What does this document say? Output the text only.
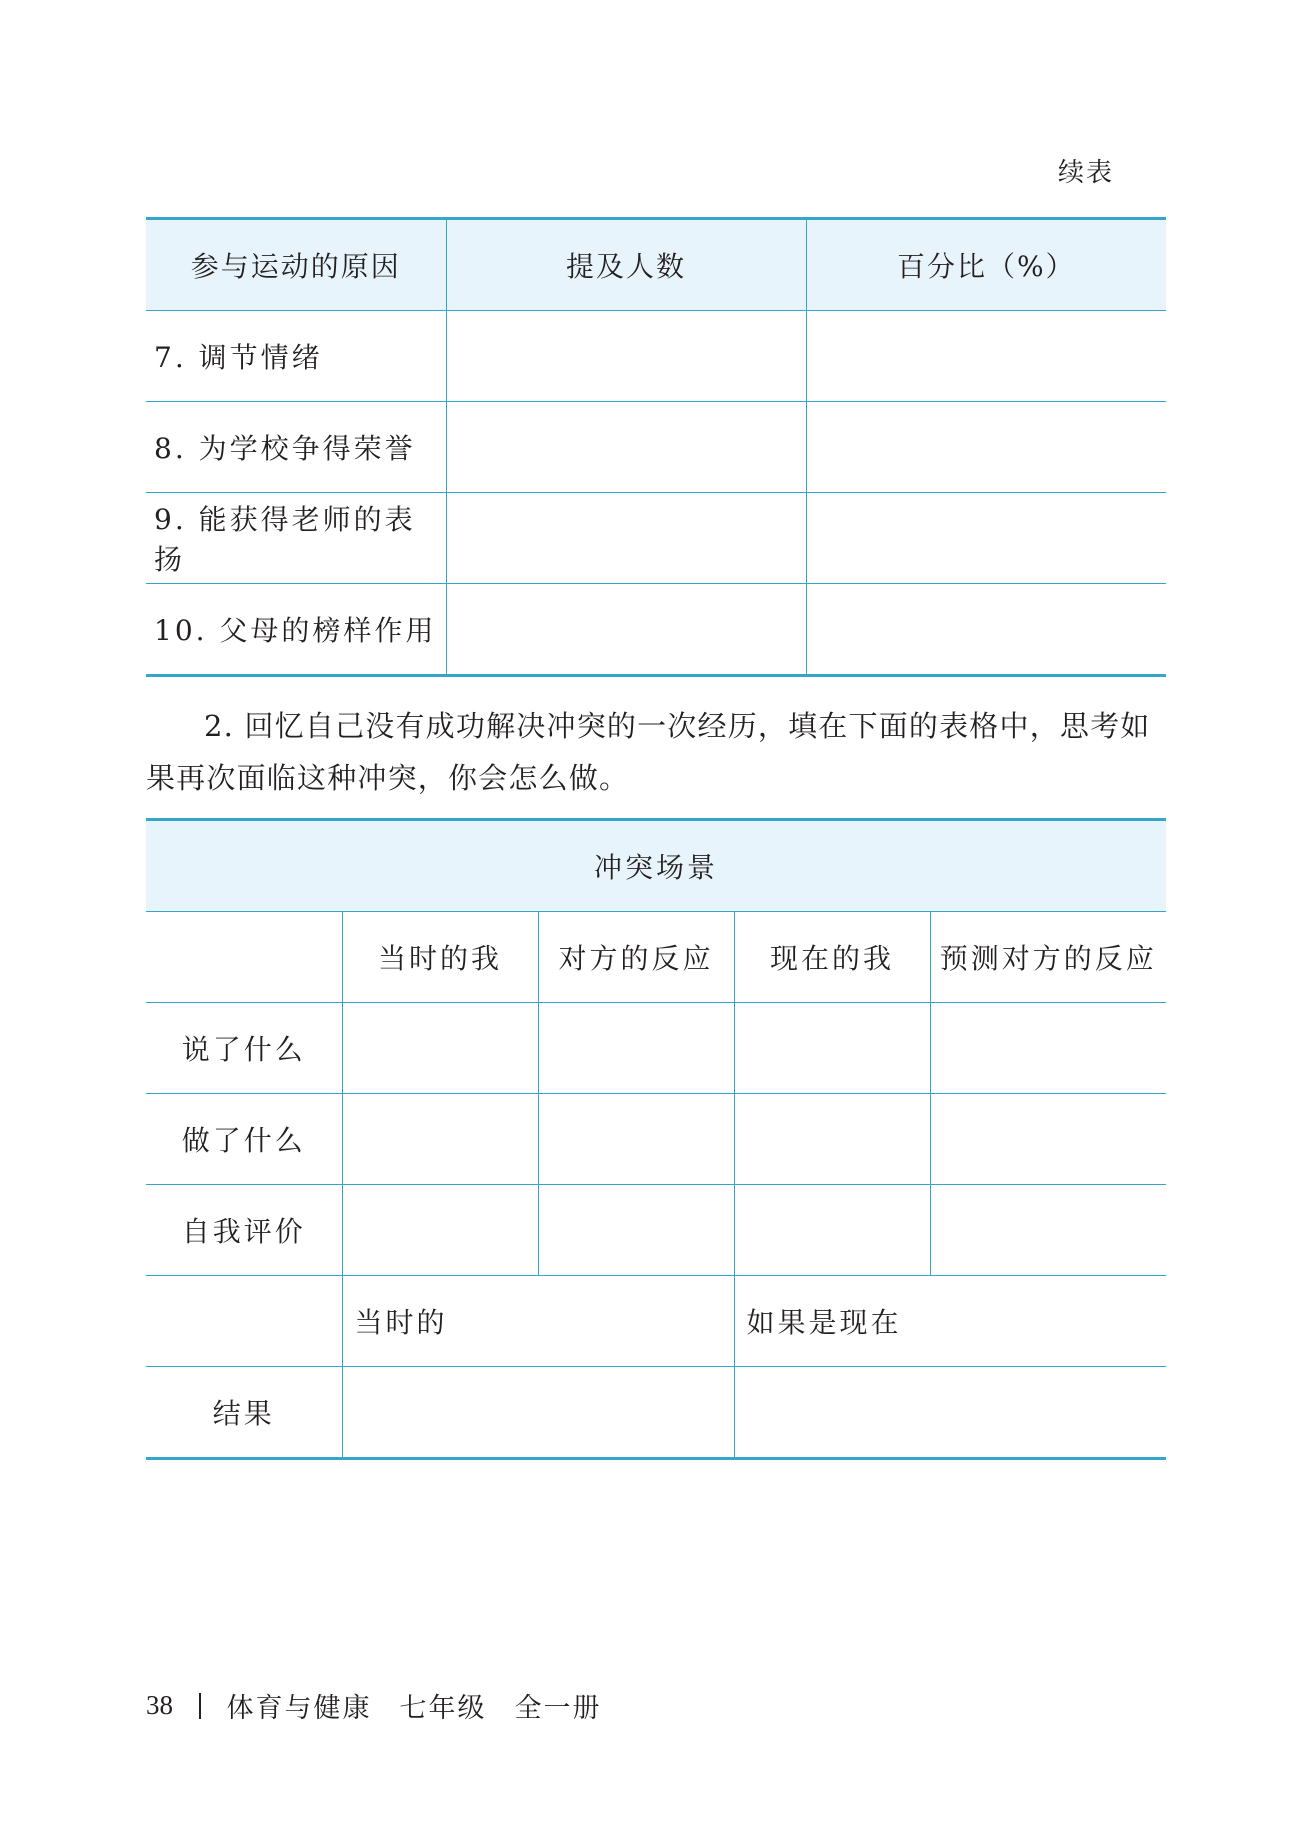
续表
参与运动的原因	提及人数	百分比（%）
7. 调节情绪		
8. 为学校争得荣誉		
9. 能获得老师的表扬		
10. 父母的榜样作用		
2. 回忆自己没有成功解决冲突的一次经历，填在下面的表格中，思考如果再次面临这种冲突，你会怎么做。
冲突场景				
	当时的我	对方的反应	现在的我	预测对方的反应
说了什么				
做了什么				
自我评价				
	当时的		如果是现在	
结果				
38 体育与健康 七年级 全一册
